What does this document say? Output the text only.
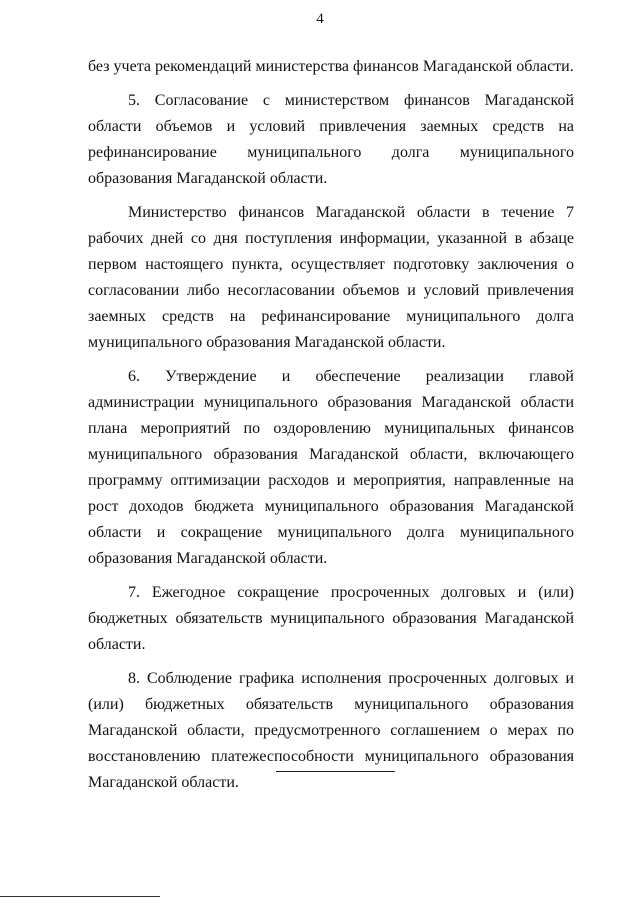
4

без учета рекомендаций министерства финансов Магаданской области.

5. Согласование с министерством финансов Магаданской области объемов и условий привлечения заемных средств на рефинансирование муниципального долга муниципального образования Магаданской области.

Министерство финансов Магаданской области в течение 7 рабочих дней со дня поступления информации, указанной в абзаце первом настоящего пункта, осуществляет подготовку заключения о согласовании либо несогласовании объемов и условий привлечения заемных средств на рефинансирование муниципального долга муниципального образования Магаданской области.

6. Утверждение и обеспечение реализации главой администрации муниципального образования Магаданской области плана мероприятий по оздоровлению муниципальных финансов муниципального образования Магаданской области, включающего программу оптимизации расходов и мероприятия, направленные на рост доходов бюджета муниципального образования Магаданской области и сокращение муниципального долга муниципального образования Магаданской области.

7. Ежегодное сокращение просроченных долговых и (или) бюджетных обязательств муниципального образования Магаданской области.

8. Соблюдение графика исполнения просроченных долговых и (или) бюджетных обязательств муниципального образования Магаданской области, предусмотренного соглашением о мерах по восстановлению платежеспособности муниципального образования Магаданской области.
